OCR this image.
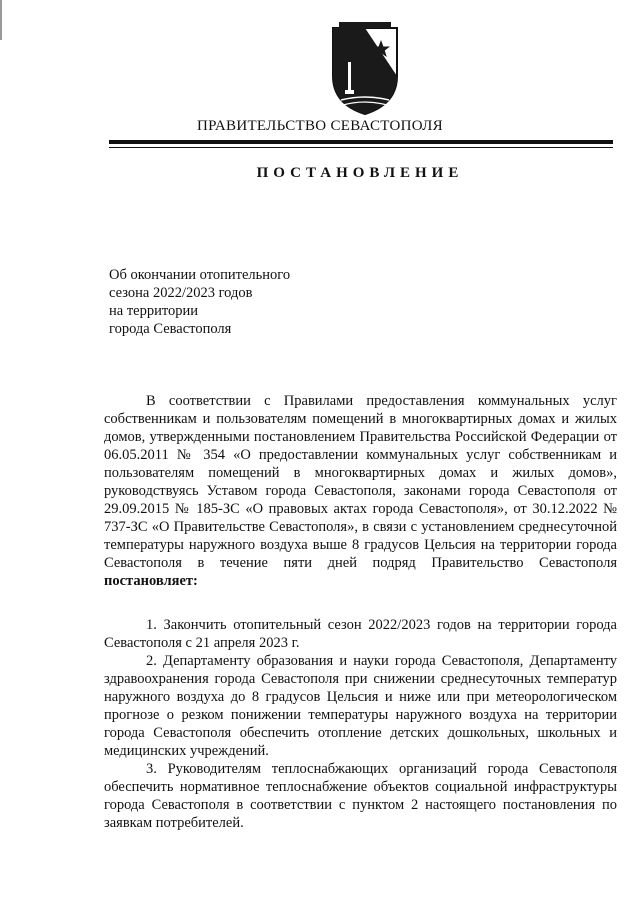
ПРАВИТЕЛЬСТВО СЕВАСТОПОЛЯ
ПОСТАНОВЛЕНИЕ
Об окончании отопительного
сезона 2022/2023 годов
на территории
города Севастополя

В соответствии с Правилами предоставления коммунальных услуг собственникам и пользователям помещений в многоквартирных домах и жилых домов, утвержденными постановлением Правительства Российской Федерации от 06.05.2011 № 354 «О предоставлении коммунальных услуг собственникам и пользователям помещений в многоквартирных домах и жилых домов», руководствуясь Уставом города Севастополя, законами города Севастополя от 29.09.2015 № 185-ЗС «О правовых актах города Севастополя», от 30.12.2022 № 737-ЗС «О Правительстве Севастополя», в связи с установлением среднесуточной температуры наружного воздуха выше 8 градусов Цельсия на территории города Севастополя в течение пяти дней подряд Правительство Севастополя постановляет:

1. Закончить отопительный сезон 2022/2023 годов на территории города Севастополя с 21 апреля 2023 г.

2. Департаменту образования и науки города Севастополя, Департаменту здравоохранения города Севастополя при снижении среднесуточных температур наружного воздуха до 8 градусов Цельсия и ниже или при метеорологическом прогнозе о резком понижении температуры наружного воздуха на территории города Севастополя обеспечить отопление детских дошкольных, школьных и медицинских учреждений.

3. Руководителям теплоснабжающих организаций города Севастополя обеспечить нормативное теплоснабжение объектов социальной инфраструктуры города Севастополя в соответствии с пунктом 2 настоящего постановления по заявкам потребителей.
